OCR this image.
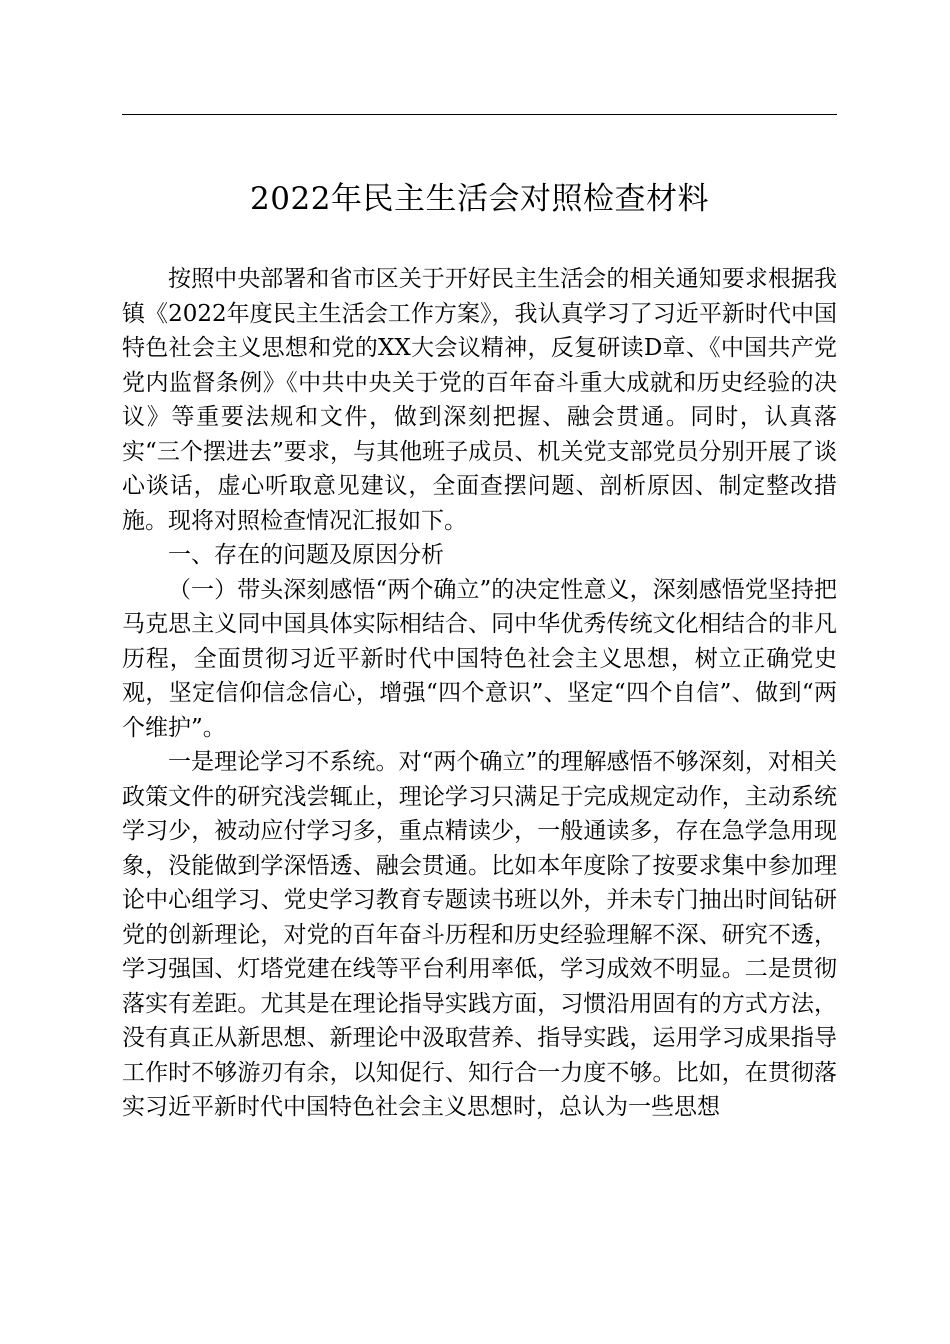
2022年民主生活会对照检查材料

按照中央部署和省市区关于开好民主生活会的相关通知要求根据我镇《2022年度民主生活会工作方案》，我认真学习了习近平新时代中国特色社会主义思想和党的XX大会议精神，反复研读D章、《中国共产党党内监督条例》《中共中央关于党的百年奋斗重大成就和历史经验的决议》等重要法规和文件，做到深刻把握、融会贯通。同时，认真落实“三个摆进去”要求，与其他班子成员、机关党支部党员分别开展了谈心谈话，虚心听取意见建议，全面查摆问题、剖析原因、制定整改措施。现将对照检查情况汇报如下。

一、存在的问题及原因分析

（一）带头深刻感悟“两个确立”的决定性意义，深刻感悟党坚持把马克思主义同中国具体实际相结合、同中华优秀传统文化相结合的非凡历程，全面贯彻习近平新时代中国特色社会主义思想，树立正确党史观，坚定信仰信念信心，增强“四个意识”、坚定“四个自信”、做到“两个维护”。

一是理论学习不系统。对“两个确立”的理解感悟不够深刻，对相关政策文件的研究浅尝辄止，理论学习只满足于完成规定动作，主动系统学习少，被动应付学习多，重点精读少，一般通读多，存在急学急用现象，没能做到学深悟透、融会贯通。比如本年度除了按要求集中参加理论中心组学习、党史学习教育专题读书班以外，并未专门抽出时间钻研党的创新理论，对党的百年奋斗历程和历史经验理解不深、研究不透，学习强国、灯塔党建在线等平台利用率低，学习成效不明显。二是贯彻落实有差距。尤其是在理论指导实践方面，习惯沿用固有的方式方法，没有真正从新思想、新理论中汲取营养、指导实践，运用学习成果指导工作时不够游刃有余，以知促行、知行合一力度不够。比如，在贯彻落实习近平新时代中国特色社会主义思想时，总认为一些思想
